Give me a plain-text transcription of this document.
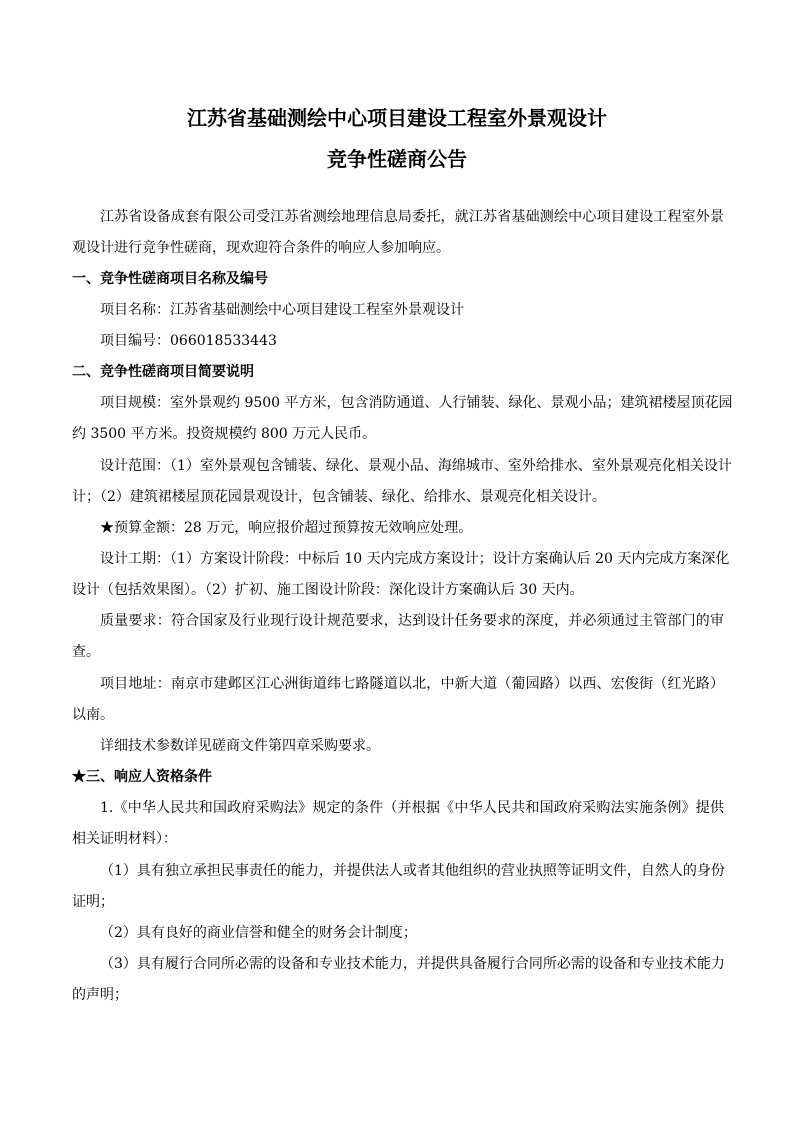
江苏省基础测绘中心项目建设工程室外景观设计
竞争性磋商公告
江苏省设备成套有限公司受江苏省测绘地理信息局委托，就江苏省基础测绘中心项目建设工程室外景
观设计进行竞争性磋商，现欢迎符合条件的响应人参加响应。
一、竞争性磋商项目名称及编号
项目名称：江苏省基础测绘中心项目建设工程室外景观设计
项目编号：066018533443
二、竞争性磋商项目简要说明
项目规模：室外景观约 9500 平方米，包含消防通道、人行铺装、绿化、景观小品；建筑裙楼屋顶花园
约 3500 平方米。投资规模约 800 万元人民币。
设计范围：（1）室外景观包含铺装、绿化、景观小品、海绵城市、室外给排水、室外景观亮化相关设计
计；（2）建筑裙楼屋顶花园景观设计，包含铺装、绿化、给排水、景观亮化相关设计。
★预算金额：28 万元，响应报价超过预算按无效响应处理。
设计工期：（1）方案设计阶段：中标后 10 天内完成方案设计；设计方案确认后 20 天内完成方案深化
设计（包括效果图）。（2）扩初、施工图设计阶段：深化设计方案确认后 30 天内。
质量要求：符合国家及行业现行设计规范要求，达到设计任务要求的深度，并必须通过主管部门的审
查。
项目地址：南京市建邺区江心洲街道纬七路隧道以北，中新大道（葡园路）以西、宏俊街（红光路）
以南。
详细技术参数详见磋商文件第四章采购要求。
★三、响应人资格条件
1.《中华人民共和国政府采购法》规定的条件（并根据《中华人民共和国政府采购法实施条例》提供
相关证明材料）：
（1）具有独立承担民事责任的能力，并提供法人或者其他组织的营业执照等证明文件，自然人的身份
证明；
（2）具有良好的商业信誉和健全的财务会计制度；
（3）具有履行合同所必需的设备和专业技术能力，并提供具备履行合同所必需的设备和专业技术能力
的声明；
